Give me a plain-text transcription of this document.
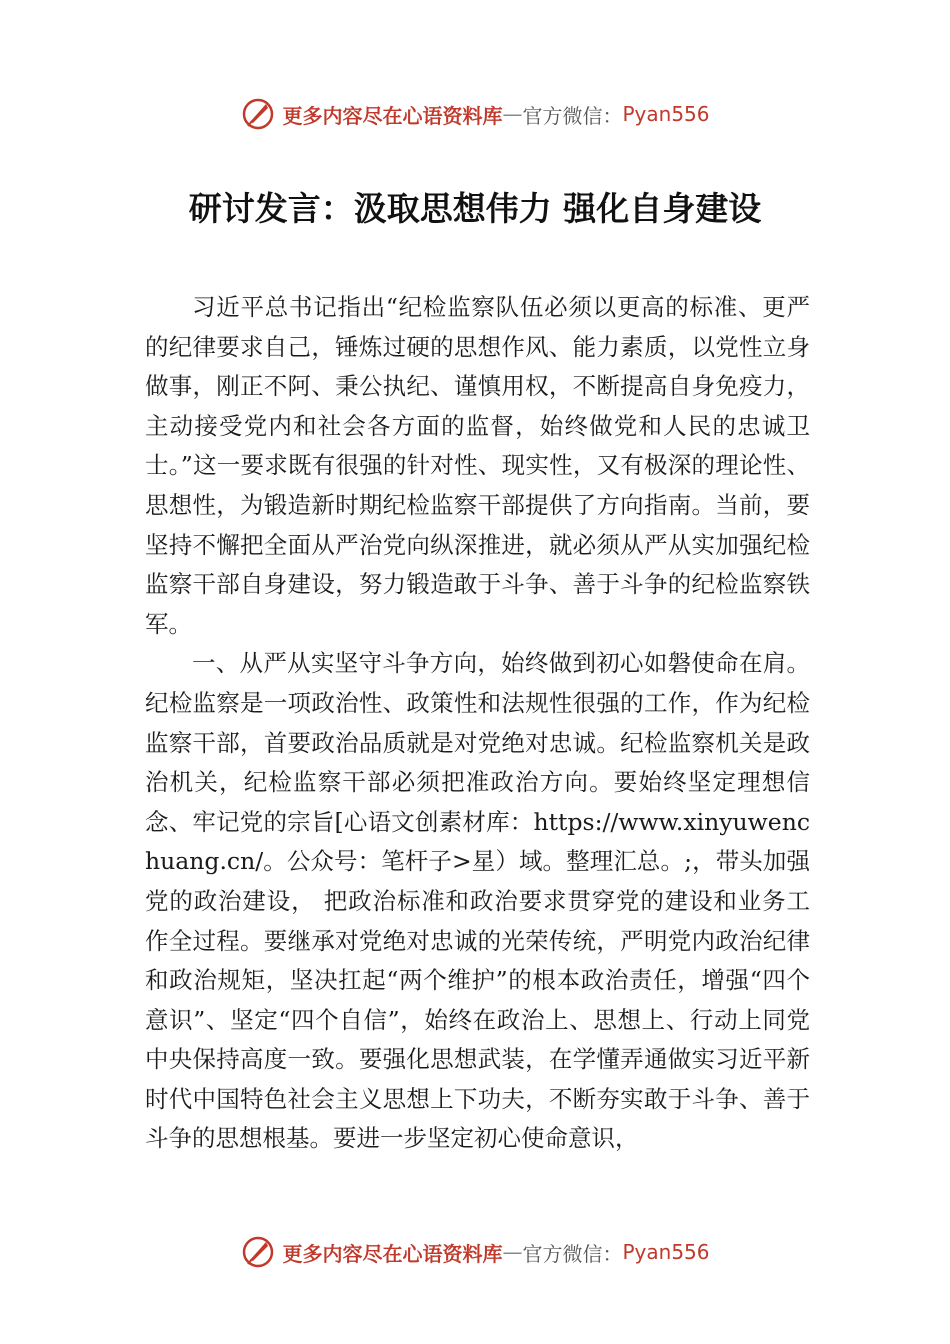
更多内容尽在心语资料库 — 官方微信： Pyan556
研讨发言：汲取思想伟力 强化自身建设

习近平总书记指出“纪检监察队伍必须以更高的标准、更严的纪律要求自己，锤炼过硬的思想作风、能力素质，以党性立身做事，刚正不阿、秉公执纪、谨慎用权，不断提高自身免疫力，主动接受党内和社会各方面的监督，始终做党和人民的忠诚卫士。”这一要求既有很强的针对性、现实性，又有极深的理论性、思想性，为锻造新时期纪检监察干部提供了方向指南。当前，要坚持不懈把全面从严治党向纵深推进，就必须从严从实加强纪检监察干部自身建设，努力锻造敢于斗争、善于斗争的纪检监察铁军。

一、从严从实坚守斗争方向，始终做到初心如磐使命在肩。纪检监察是一项政治性、政策性和法规性很强的工作，作为纪检监察干部，首要政治品质就是对党绝对忠诚。纪检监察机关是政治机关，纪检监察干部必须把准政治方向。要始终坚定理想信念、牢记党的宗旨[心语文创素材库：https://www.xinyuwenchuang.cn/。公众号：笔杆子>星）域。整理汇总。;，带头加强党的政治建设， 把政治标准和政治要求贯穿党的建设和业务工作全过程。要继承对党绝对忠诚的光荣传统，严明党内政治纪律和政治规矩，坚决扛起“两个维护”的根本政治责任，增强“四个意识”、坚定“四个自信”，始终在政治上、思想上、行动上同党中央保持高度一致。要强化思想武装，在学懂弄通做实习近平新时代中国特色社会主义思想上下功夫，不断夯实敢于斗争、善于斗争的思想根基。要进一步坚定初心使命意识，

更多内容尽在心语资料库 — 官方微信： Pyan556
